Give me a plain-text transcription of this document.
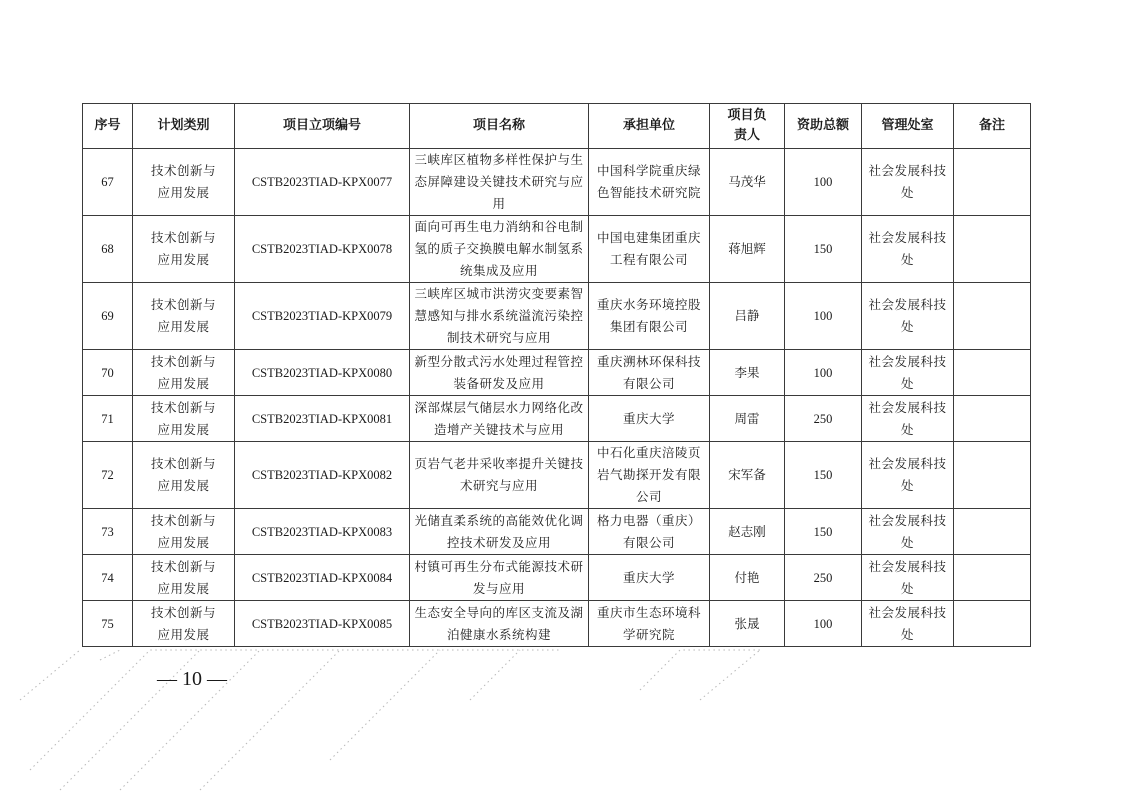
序号	计划类别	项目立项编号	项目名称	承担单位	项目负责人	资助总额	管理处室	备注
67	技术创新与应用发展	CSTB2023TIAD-KPX0077	三峡库区植物多样性保护与生态屏障建设关键技术研究与应用	中国科学院重庆绿色智能技术研究院	马茂华	100	社会发展科技处	
68	技术创新与应用发展	CSTB2023TIAD-KPX0078	面向可再生电力消纳和谷电制氢的质子交换膜电解水制氢系统集成及应用	中国电建集团重庆工程有限公司	蒋旭辉	150	社会发展科技处	
69	技术创新与应用发展	CSTB2023TIAD-KPX0079	三峡库区城市洪涝灾变要素智慧感知与排水系统溢流污染控制技术研究与应用	重庆水务环境控股集团有限公司	吕静	100	社会发展科技处	
70	技术创新与应用发展	CSTB2023TIAD-KPX0080	新型分散式污水处理过程管控装备研发及应用	重庆溯林环保科技有限公司	李果	100	社会发展科技处	
71	技术创新与应用发展	CSTB2023TIAD-KPX0081	深部煤层气储层水力网络化改造增产关键技术与应用	重庆大学	周雷	250	社会发展科技处	
72	技术创新与应用发展	CSTB2023TIAD-KPX0082	页岩气老井采收率提升关键技术研究与应用	中石化重庆涪陵页岩气勘探开发有限公司	宋军备	150	社会发展科技处	
73	技术创新与应用发展	CSTB2023TIAD-KPX0083	光储直柔系统的高能效优化调控技术研发及应用	格力电器（重庆）有限公司	赵志刚	150	社会发展科技处	
74	技术创新与应用发展	CSTB2023TIAD-KPX0084	村镇可再生分布式能源技术研发与应用	重庆大学	付艳	250	社会发展科技处	
75	技术创新与应用发展	CSTB2023TIAD-KPX0085	生态安全导向的库区支流及湖泊健康水系统构建	重庆市生态环境科学研究院	张晟	100	社会发展科技处	
— 10 —
